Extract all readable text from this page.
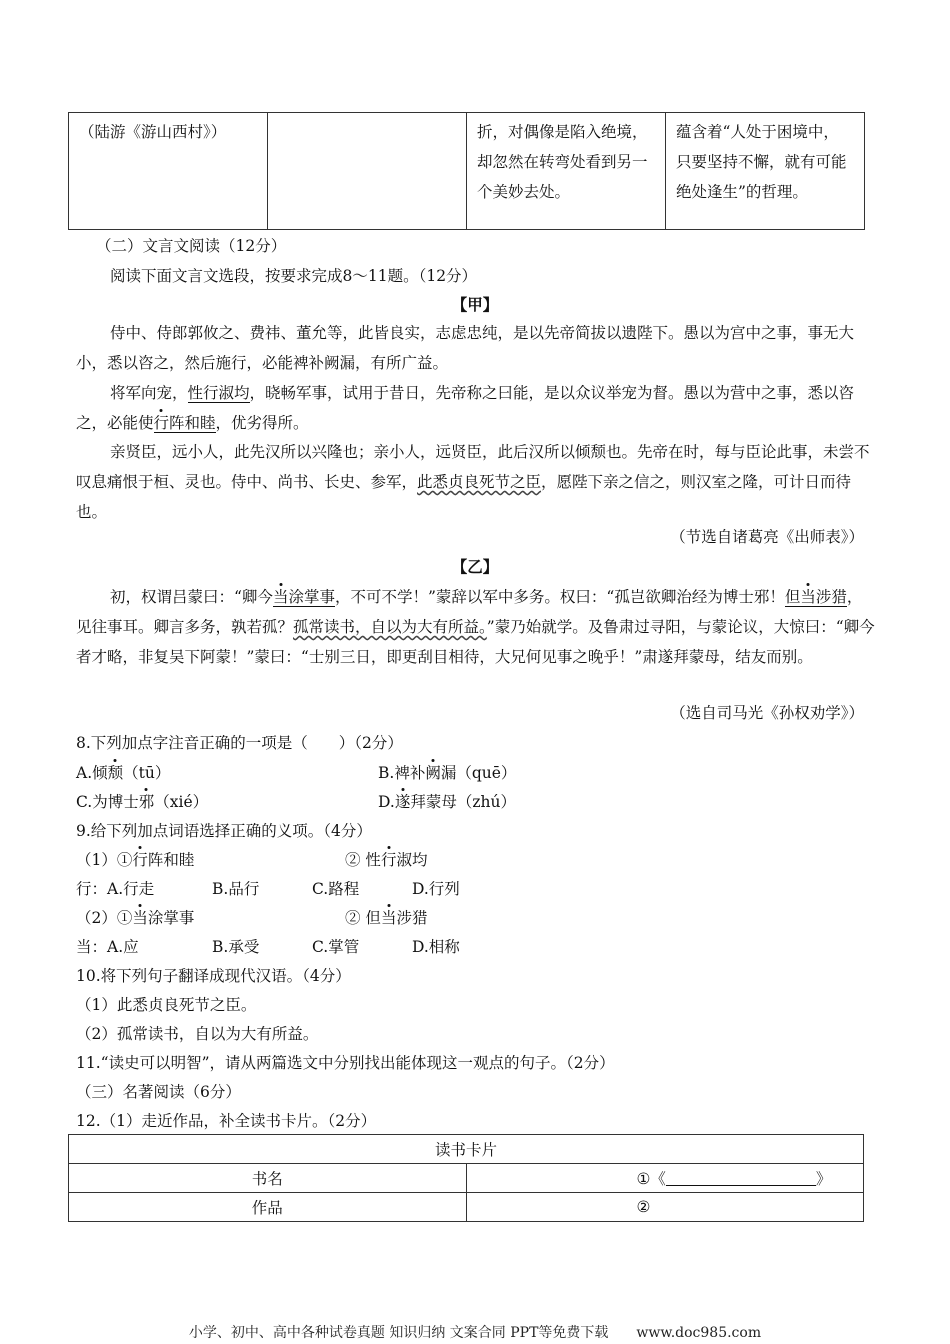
（陆游《游山西村》）		折，对偶像是陷入绝境，却忽然在转弯处看到另一个美妙去处。	蕴含着“人处于困境中，只要坚持不懈，就有可能绝处逢生”的哲理。
（二）文言文阅读（12分）
阅读下面文言文选段，按要求完成8～11题。（12分）
【甲】
侍中、侍郎郭攸之、费祎、董允等，此皆良实，志虑忠纯，是以先帝简拔以遗陛下。愚以为宫中之事，事无大小，悉以咨之，然后施行，必能裨补阙漏，有所广益。
将军向宠，性行淑均，晓畅军事，试用于昔日，先帝称之曰能，是以众议举宠为督。愚以为营中之事，悉以咨之，必能使行阵和睦，优劣得所。
亲贤臣，远小人，此先汉所以兴隆也；亲小人，远贤臣，此后汉所以倾颓也。先帝在时，每与臣论此事，未尝不叹息痛恨于桓、灵也。侍中、尚书、长史、参军，此悉贞良死节之臣，愿陛下亲之信之，则汉室之隆，可计日而待也。
（节选自诸葛亮《出师表》）
【乙】
初，权谓吕蒙曰：“卿今当涂掌事，不可不学！”蒙辞以军中多务。权曰：“孤岂欲卿治经为博士邪！但当涉猎，见往事耳。卿言多务，孰若孤？孤常读书，自以为大有所益。”蒙乃始就学。及鲁肃过寻阳，与蒙论议，大惊曰：“卿今者才略，非复吴下阿蒙！”蒙曰：“士别三日，即更刮目相待，大兄何见事之晚乎！”肃遂拜蒙母，结友而别。
（选自司马光《孙权劝学》）
8.下列加点字注音正确的一项是（　　）（2分）
A.倾颓（tū）	B.裨补阙漏（quē）
C.为博士邪（xié）	D.遂拜蒙母（zhú）
9.给下列加点词语选择正确的义项。（4分）
（1）①行阵和睦	② 性行淑均
行：A.行走	B.品行	C.路程	D.行列
（2）①当涂掌事	② 但当涉猎
当：A.应	B.承受	C.掌管	D.相称
10.将下列句子翻译成现代汉语。（4分）
（1）此悉贞良死节之臣。
（2）孤常读书，自以为大有所益。
11.“读史可以明智”，请从两篇选文中分别找出能体现这一观点的句子。（2分）
（三）名著阅读（6分）
12.（1）走近作品，补全读书卡片。（2分）
读书卡片	
书名	①《 》
作品	②
小学、初中、高中各种试卷真题 知识归纳 文案合同 PPT等免费下载　　www.doc985.com
